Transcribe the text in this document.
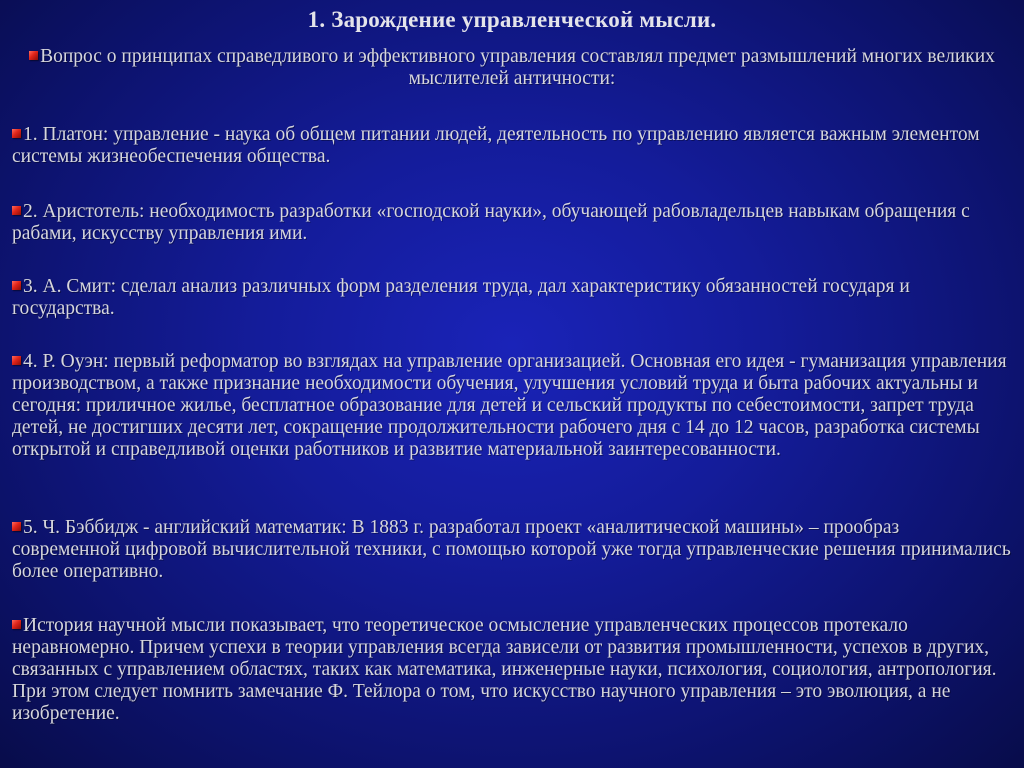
1. Зарождение управленческой мысли.
Вопрос о принципах справедливого и эффективного управления составлял предмет размышлений многих великих мыслителей античности:
1. Платон: управление - наука об общем питании людей, деятельность по управлению является важным элементом системы жизнеобеспечения общества.
2. Аристотель: необходимость разработки «господской науки», обучающей рабовладельцев навыкам обращения с рабами, искусству управления ими.
3. А. Смит: сделал анализ различных форм разделения труда, дал характеристику обязанностей государя и государства.
4. Р. Оуэн: первый реформатор во взглядах на управление организацией. Основная его идея - гуманизация управления производством, а также признание необходимости обучения, улучшения условий труда и быта рабочих актуальны и сегодня: приличное жилье, бесплатное образование для детей и сельский продукты по себестоимости, запрет труда детей, не достигших десяти лет, сокращение продолжительности рабочего дня с 14 до 12 часов, разработка системы открытой и справедливой оценки работников и развитие материальной заинтересованности.
5. Ч. Бэббидж - английский математик: В 1883 г. разработал проект «аналитической машины» – прообраз современной цифровой вычислительной техники, с помощью которой уже тогда управленческие решения принимались более оперативно.
История научной мысли показывает, что теоретическое осмысление управленческих процессов протекало неравномерно. Причем успехи в теории управления всегда зависели от развития промышленности, успехов в других, связанных с управлением областях, таких как математика, инженерные науки, психология, социология, антропология. При этом следует помнить замечание Ф. Тейлора о том, что искусство научного управления – это эволюция, а не изобретение.
